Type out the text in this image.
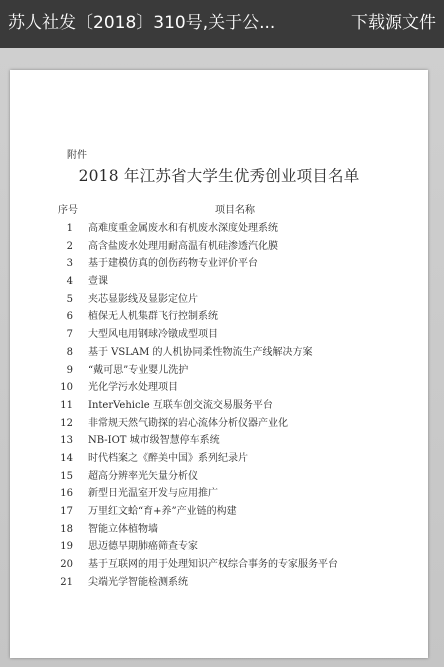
苏人社发〔2018〕310号,关于公...	下载源文件
附件
2018 年江苏省大学生优秀创业项目名单
序号	项目名称
1 高难度重金属废水和有机废水深度处理系统
2 高含盐废水处理用耐高温有机硅渗透汽化膜
3 基于建模仿真的创伤药物专业评价平台
4 壹课
5 夹芯显影线及显影定位片
6 植保无人机集群飞行控制系统
7 大型风电用钢球冷镦成型项目
8 基于 VSLAM 的人机协同柔性物流生产线解决方案
9 “戴可思”专业婴儿洗护
10 光化学污水处理项目
11 InterVehicle 互联车创交流交易服务平台
12 非常规天然气勘探的岩心流体分析仪器产业化
13 NB-IOT 城市级智慧停车系统
14 时代档案之《醉美中国》系列纪录片
15 超高分辨率光矢量分析仪
16 新型日光温室开发与应用推广
17 万里红文蛤“育+养”产业链的构建
18 智能立体植物墙
19 思迈德早期肺癌筛查专家
20 基于互联网的用于处理知识产权综合事务的专家服务平台
21 尖端光学智能检测系统
